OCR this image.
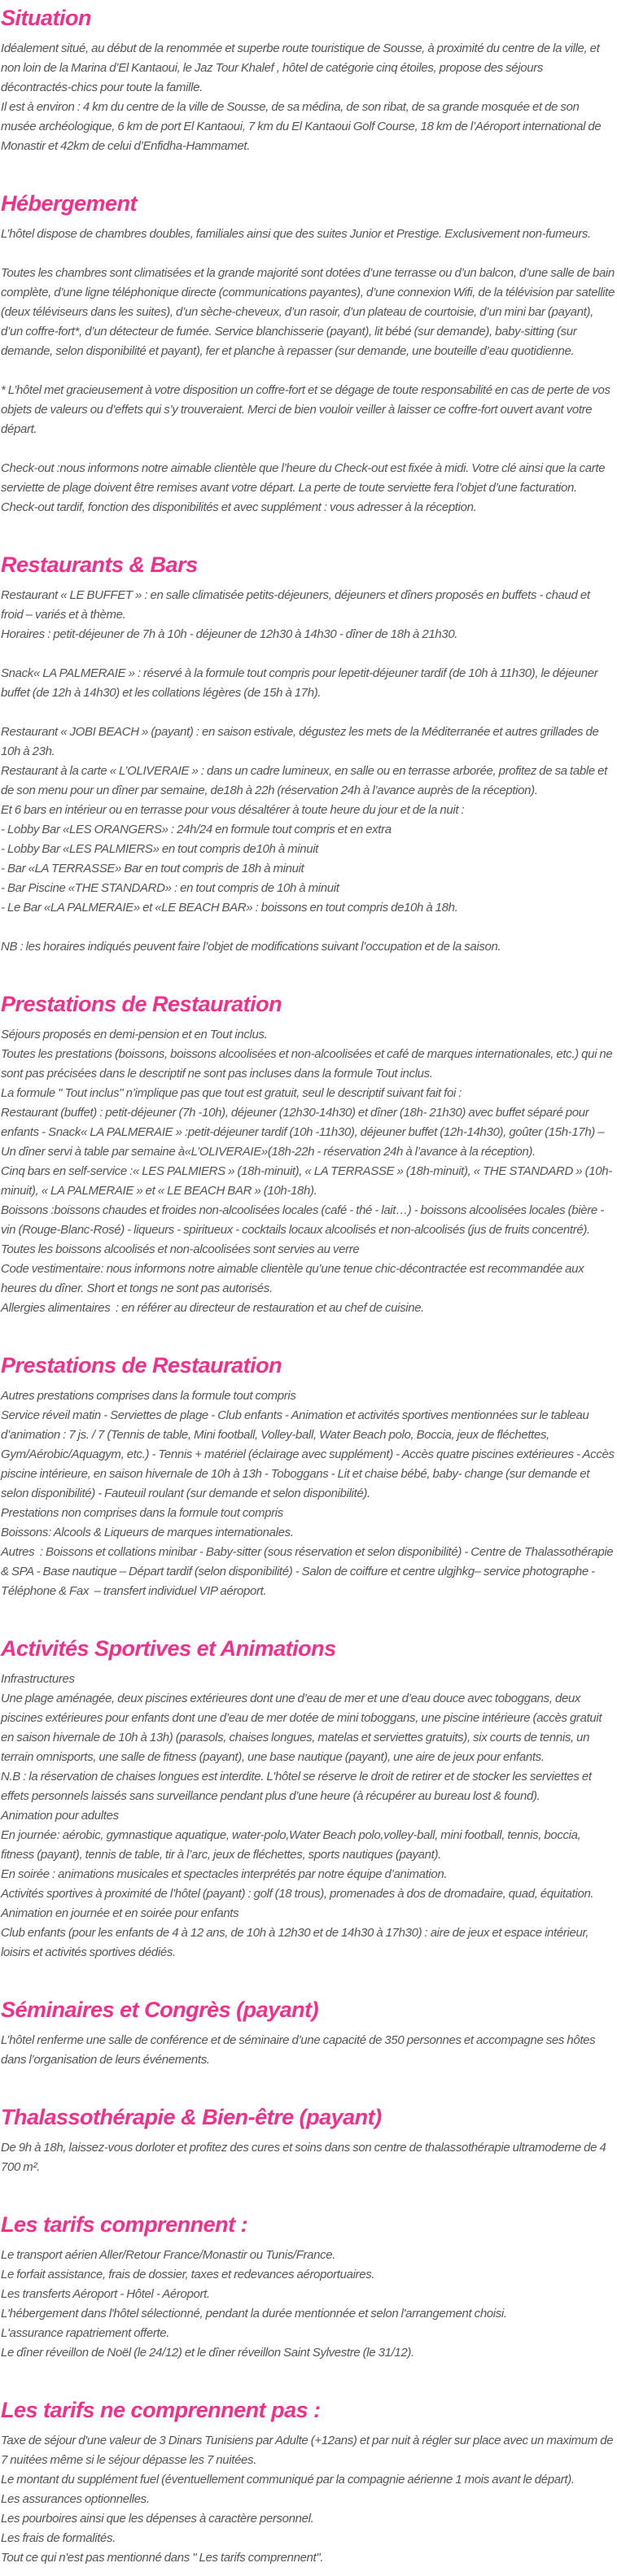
Situation

Idéalement situé, au début de la renommée et superbe route touristique de Sousse, à proximité du centre de la ville, et non loin de la Marina d’El Kantaoui, le Jaz Tour Khalef , hôtel de catégorie cinq étoiles, propose des séjours décontractés-chics pour toute la famille.

Il est à environ : 4 km du centre de la ville de Sousse, de sa médina, de son ribat, de sa grande mosquée et de son musée archéologique, 6 km de port El Kantaoui, 7 km du El Kantaoui Golf Course, 18 km de l’Aéroport international de Monastir et 42km de celui d’Enfidha-Hammamet.

Hébergement

L’hôtel dispose de chambres doubles, familiales ainsi que des suites Junior et Prestige. Exclusivement non-fumeurs.

Toutes les chambres sont climatisées et la grande majorité sont dotées d’une terrasse ou d’un balcon, d’une salle de bain complète, d’une ligne téléphonique directe (communications payantes), d’une connexion Wifi, de la télévision par satellite (deux téléviseurs dans les suites), d’un sèche-cheveux, d’un rasoir, d’un plateau de courtoisie, d’un mini bar (payant), d’un coffre-fort*, d’un détecteur de fumée. Service blanchisserie (payant), lit bébé (sur demande), baby-sitting (sur demande, selon disponibilité et payant), fer et planche à repasser (sur demande, une bouteille d’eau quotidienne.

* L’hôtel met gracieusement à votre disposition un coffre-fort et se dégage de toute responsabilité en cas de perte de vos objets de valeurs ou d’effets qui s’y trouveraient. Merci de bien vouloir veiller à laisser ce coffre-fort ouvert avant votre départ.

Check-out :nous informons notre aimable clientèle que l’heure du Check-out est fixée à midi. Votre clé ainsi que la carte serviette de plage doivent être remises avant votre départ. La perte de toute serviette fera l’objet d’une facturation.

Check-out tardif, fonction des disponibilités et avec supplément : vous adresser à la réception.

Restaurants & Bars

Restaurant « LE BUFFET » : en salle climatisée petits-déjeuners, déjeuners et dîners proposés en buffets - chaud et froid – variés et à thème.

Horaires : petit-déjeuner de 7h à 10h - déjeuner de 12h30 à 14h30 - dîner de 18h à 21h30.

Snack« LA PALMERAIE » : réservé à la formule tout compris pour lepetit-déjeuner tardif (de 10h à 11h30), le déjeuner buffet (de 12h à 14h30) et les collations légères (de 15h à 17h).

Restaurant « JOBI BEACH » (payant) : en saison estivale, dégustez les mets de la Méditerranée et autres grillades de 10h à 23h.

Restaurant à la carte « L’OLIVERAIE » : dans un cadre lumineux, en salle ou en terrasse arborée, profitez de sa table et de son menu pour un dîner par semaine, de18h à 22h (réservation 24h à l’avance auprès de la réception).

Et 6 bars en intérieur ou en terrasse pour vous désaltérer à toute heure du jour et de la nuit :

- Lobby Bar «LES ORANGERS» : 24h/24 en formule tout compris et en extra

- Lobby Bar «LES PALMIERS» en tout compris de10h à minuit

- Bar «LA TERRASSE» Bar en tout compris de 18h à minuit

- Bar Piscine «THE STANDARD» : en tout compris de 10h à minuit

- Le Bar «LA PALMERAIE» et «LE BEACH BAR» : boissons en tout compris de10h à 18h.

NB : les horaires indiqués peuvent faire l’objet de modifications suivant l’occupation et de la saison.

Prestations de Restauration

Séjours proposés en demi-pension et en Tout inclus.

Toutes les prestations (boissons, boissons alcoolisées et non-alcoolisées et café de marques internationales, etc.) qui ne sont pas précisées dans le descriptif ne sont pas incluses dans la formule Tout inclus.

La formule " Tout inclus" n’implique pas que tout est gratuit, seul le descriptif suivant fait foi :

Restaurant (buffet) : petit-déjeuner (7h -10h), déjeuner (12h30-14h30) et dîner (18h- 21h30) avec buffet séparé pour enfants - Snack« LA PALMERAIE » :petit-déjeuner tardif (10h -11h30), déjeuner buffet (12h-14h30), goûter (15h-17h) – Un dîner servi à table par semaine à«L’OLIVERAIE»(18h-22h - réservation 24h à l’avance à la réception).

Cinq bars en self-service :« LES PALMIERS » (18h-minuit), « LA TERRASSE » (18h-minuit), « THE STANDARD » (10h-minuit), « LA PALMERAIE » et « LE BEACH BAR » (10h-18h).

Boissons :boissons chaudes et froides non-alcoolisées locales (café - thé - lait…) - boissons alcoolisées locales (bière - vin (Rouge-Blanc-Rosé) - liqueurs - spiritueux - cocktails locaux alcoolisés et non-alcoolisés (jus de fruits concentré).

Toutes les boissons alcoolisés et non-alcoolisées sont servies au verre

Code vestimentaire: nous informons notre aimable clientèle qu’une tenue chic-décontractée est recommandée aux heures du dîner. Short et tongs ne sont pas autorisés.

Allergies alimentaires  : en référer au directeur de restauration et au chef de cuisine.

Prestations de Restauration

Autres prestations comprises dans la formule tout compris

Service réveil matin - Serviettes de plage - Club enfants - Animation et activités sportives mentionnées sur le tableau d’animation : 7 js. / 7 (Tennis de table, Mini football, Volley-ball, Water Beach polo, Boccia, jeux de fléchettes, Gym/Aérobic/Aquagym, etc.) - Tennis + matériel (éclairage avec supplément) - Accès quatre piscines extérieures - Accès piscine intérieure, en saison hivernale de 10h à 13h - Toboggans - Lit et chaise bébé, baby- change (sur demande et selon disponibilité) - Fauteuil roulant (sur demande et selon disponibilité).

Prestations non comprises dans la formule tout compris

Boissons: Alcools & Liqueurs de marques internationales.

Autres  : Boissons et collations minibar - Baby-sitter (sous réservation et selon disponibilité) - Centre de Thalassothérapie & SPA - Base nautique – Départ tardif (selon disponibilité) - Salon de coiffure et centre ulgjhkg– service photographe - Téléphone & Fax  – transfert individuel VIP aéroport.

Activités Sportives et Animations

Infrastructures

Une plage aménagée, deux piscines extérieures dont une d’eau de mer et une d’eau douce avec toboggans, deux piscines extérieures pour enfants dont une d’eau de mer dotée de mini toboggans, une piscine intérieure (accès gratuit en saison hivernale de 10h à 13h) (parasols, chaises longues, matelas et serviettes gratuits), six courts de tennis, un terrain omnisports, une salle de fitness (payant), une base nautique (payant), une aire de jeux pour enfants.

N.B : la réservation de chaises longues est interdite. L'hôtel se réserve le droit de retirer et de stocker les serviettes et effets personnels laissés sans surveillance pendant plus d’une heure (à récupérer au bureau lost & found).

Animation pour adultes

En journée: aérobic, gymnastique aquatique, water-polo,Water Beach polo,volley-ball, mini football, tennis, boccia, fitness (payant), tennis de table, tir à l’arc, jeux de fléchettes, sports nautiques (payant).

En soirée : animations musicales et spectacles interprétés par notre équipe d’animation.

Activités sportives à proximité de l’hôtel (payant) : golf (18 trous), promenades à dos de dromadaire, quad, équitation.

Animation en journée et en soirée pour enfants

Club enfants (pour les enfants de 4 à 12 ans, de 10h à 12h30 et de 14h30 à 17h30) : aire de jeux et espace intérieur, loisirs et activités sportives dédiés.

Séminaires et Congrès (payant)

L’hôtel renferme une salle de conférence et de séminaire d’une capacité de 350 personnes et accompagne ses hôtes dans l’organisation de leurs événements.

Thalassothérapie & Bien-être (payant)

De 9h à 18h, laissez-vous dorloter et profitez des cures et soins dans son centre de thalassothérapie ultramoderne de 4 700 m².

Les tarifs comprennent :

Le transport aérien Aller/Retour France/Monastir ou Tunis/France.

Le forfait assistance, frais de dossier, taxes et redevances aéroportuaires.

Les transferts Aéroport - Hôtel - Aéroport.

L'hébergement dans l'hôtel sélectionné, pendant la durée mentionnée et selon l'arrangement choisi.

L'assurance rapatriement offerte.

Le dîner réveillon de Noël (le 24/12) et le dîner réveillon Saint Sylvestre (le 31/12).

Les tarifs ne comprennent pas :

Taxe de séjour d'une valeur de 3 Dinars Tunisiens par Adulte (+12ans) et par nuit à régler sur place avec un maximum de 7 nuitées même si le séjour dépasse les 7 nuitées.

Le montant du supplément fuel (éventuellement communiqué par la compagnie aérienne 1 mois avant le départ).

Les assurances optionnelles.

Les pourboires ainsi que les dépenses à caractère personnel.

Les frais de formalités.

Tout ce qui n'est pas mentionné dans " Les tarifs comprennent".
